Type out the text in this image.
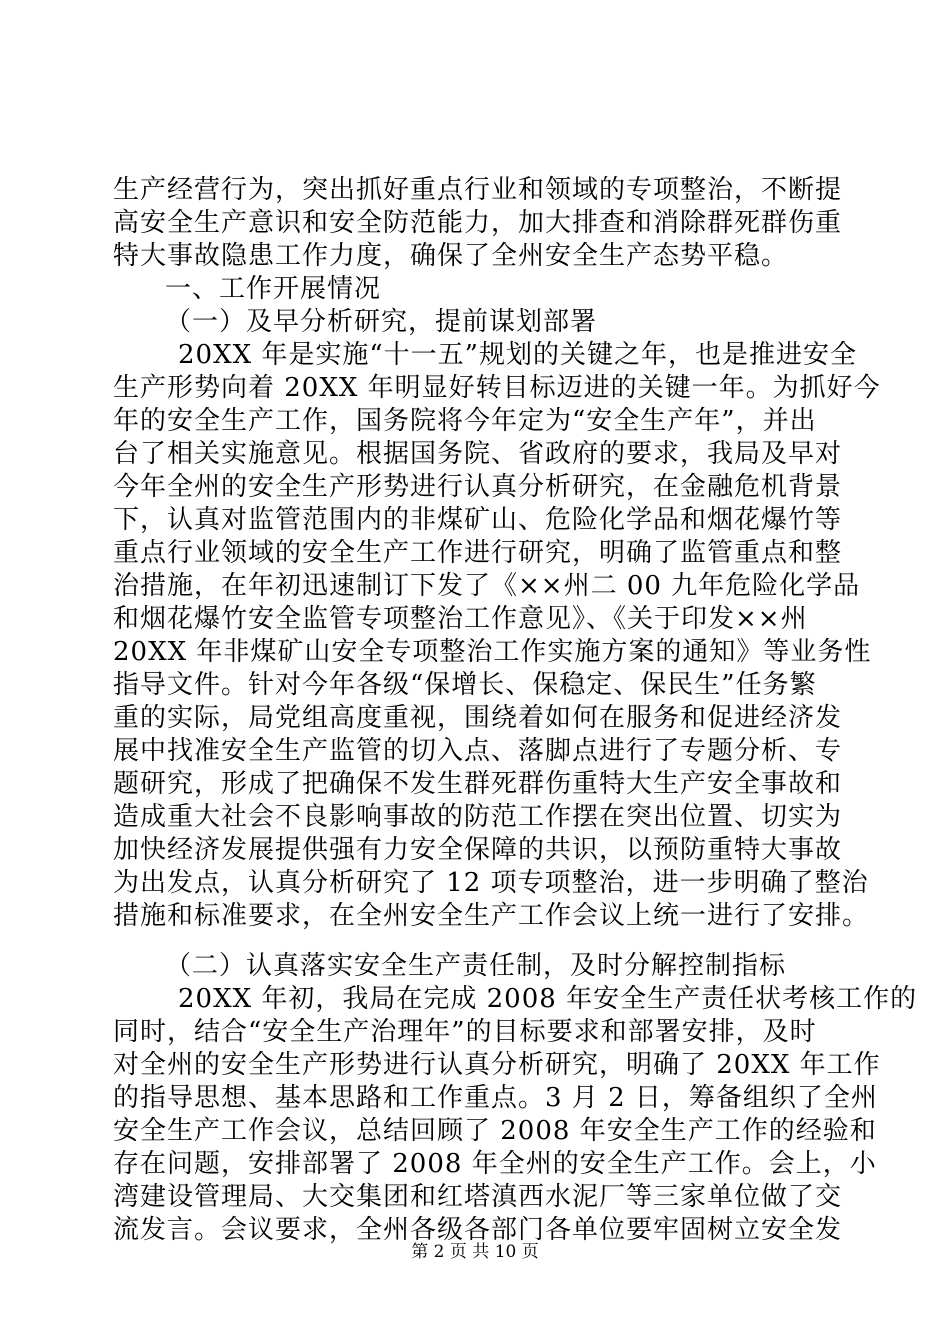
生产经营行为，突出抓好重点行业和领域的专项整治，不断提
高安全生产意识和安全防范能力，加大排查和消除群死群伤重
特大事故隐患工作力度，确保了全州安全生产态势平稳。
一、工作开展情况
（一）及早分析研究，提前谋划部署
20XX 年是实施“十一五”规划的关键之年，也是推进安全
生产形势向着 20XX 年明显好转目标迈进的关键一年。为抓好今
年的安全生产工作，国务院将今年定为“安全生产年”，并出
台了相关实施意见。根据国务院、省政府的要求，我局及早对
今年全州的安全生产形势进行认真分析研究，在金融危机背景
下，认真对监管范围内的非煤矿山、危险化学品和烟花爆竹等
重点行业领域的安全生产工作进行研究，明确了监管重点和整
治措施，在年初迅速制订下发了《××州二 00 九年危险化学品
和烟花爆竹安全监管专项整治工作意见》、《关于印发××州
20XX 年非煤矿山安全专项整治工作实施方案的通知》等业务性
指导文件。针对今年各级“保增长、保稳定、保民生”任务繁
重的实际，局党组高度重视，围绕着如何在服务和促进经济发
展中找准安全生产监管的切入点、落脚点进行了专题分析、专
题研究，形成了把确保不发生群死群伤重特大生产安全事故和
造成重大社会不良影响事故的防范工作摆在突出位置、切实为
加快经济发展提供强有力安全保障的共识，以预防重特大事故
为出发点，认真分析研究了 12 项专项整治，进一步明确了整治
措施和标准要求，在全州安全生产工作会议上统一进行了安排。
（二）认真落实安全生产责任制，及时分解控制指标
20XX 年初，我局在完成 2008 年安全生产责任状考核工作的
同时，结合“安全生产治理年”的目标要求和部署安排，及时
对全州的安全生产形势进行认真分析研究，明确了 20XX 年工作
的指导思想、基本思路和工作重点。3 月 2 日，筹备组织了全州
安全生产工作会议，总结回顾了 2008 年安全生产工作的经验和
存在问题，安排部署了 2008 年全州的安全生产工作。会上，小
湾建设管理局、大交集团和红塔滇西水泥厂等三家单位做了交
流发言。会议要求，全州各级各部门各单位要牢固树立安全发
第 2 页 共 10 页
